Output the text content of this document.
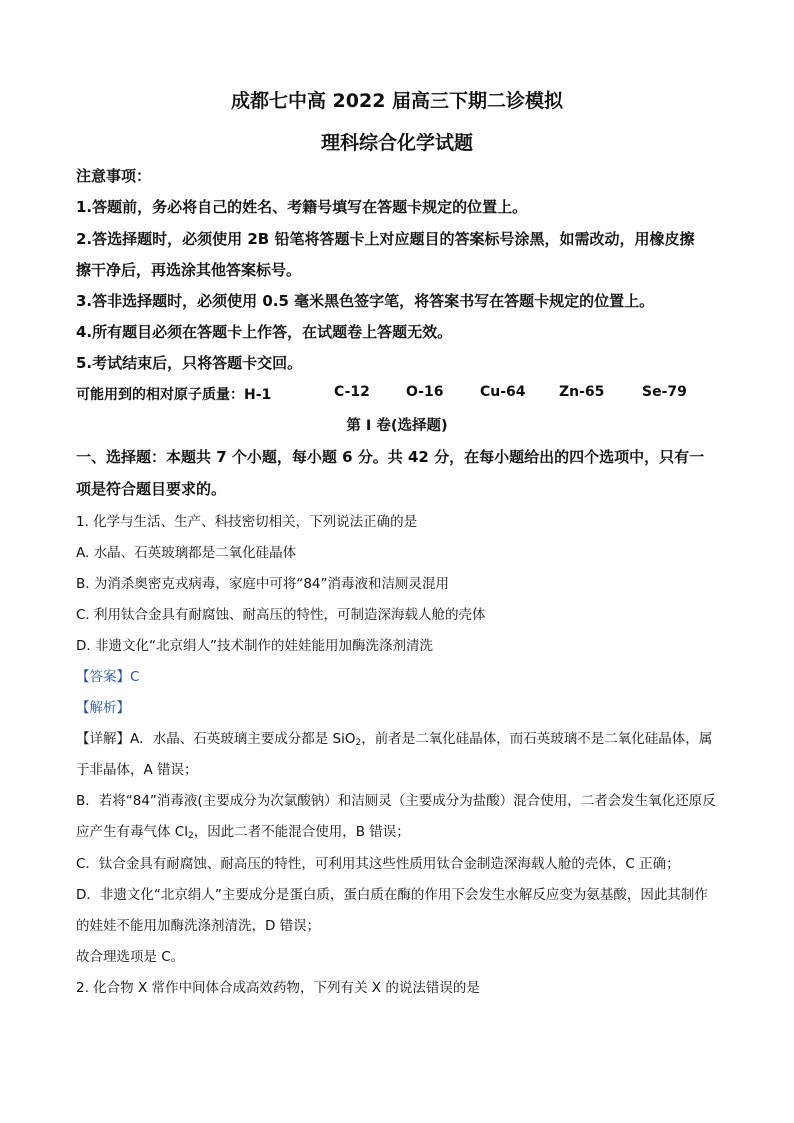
成都七中高 2022 届高三下期二诊模拟
理科综合化学试题
注意事项：
1.答题前，务必将自己的姓名、考籍号填写在答题卡规定的位置上。
2.答选择题时，必须使用 2B 铅笔将答题卡上对应题目的答案标号涂黑，如需改动，用橡皮擦
擦干净后，再选涂其他答案标号。
3.答非选择题时，必须使用 0.5 毫米黑色签字笔，将答案书写在答题卡规定的位置上。
4.所有题目必须在答题卡上作答，在试题卷上答题无效。
5.考试结束后，只将答题卡交回。
可能用到的相对原子质量：H-1	C-12	O-16	Cu-64 Zn-65	Se-79
第 I 卷(选择题)
一、选择题：本题共 7 个小题，每小题 6 分。共 42 分，在每小题给出的四个选项中，只有一
项是符合题目要求的。
1. 化学与生活、生产、科技密切相关，下列说法正确的是
A. 水晶、石英玻璃都是二氧化硅晶体
B. 为消杀奥密克戎病毒，家庭中可将“84”消毒液和洁厕灵混用
C. 利用钛合金具有耐腐蚀、耐高压的特性，可制造深海载人舱的壳体
D. 非遗文化“北京绢人”技术制作的娃娃能用加酶洗涤剂清洗
【答案】C
【解析】
【详解】A．水晶、石英玻璃主要成分都是 SiO$_2$，前者是二氧化硅晶体，而石英玻璃不是二氧化硅晶体，属
于非晶体，A 错误；
B．若将“84”消毒液(主要成分为次氯酸钠）和洁厕灵（主要成分为盐酸）混合使用，二者会发生氧化还原反
应产生有毒气体 $Cl_2$，因此二者不能混合使用，B 错误；
C．钛合金具有耐腐蚀、耐高压的特性，可利用其这些性质用钛合金制造深海载人舱的壳体，C 正确；
D．非遗文化“北京绢人”主要成分是蛋白质，蛋白质在酶的作用下会发生水解反应变为氨基酸，因此其制作
的娃娃不能用加酶洗涤剂清洗，D 错误；
故合理选项是 C。
2. 化合物 X 常作中间体合成高效药物，下列有关 X 的说法错误的是
